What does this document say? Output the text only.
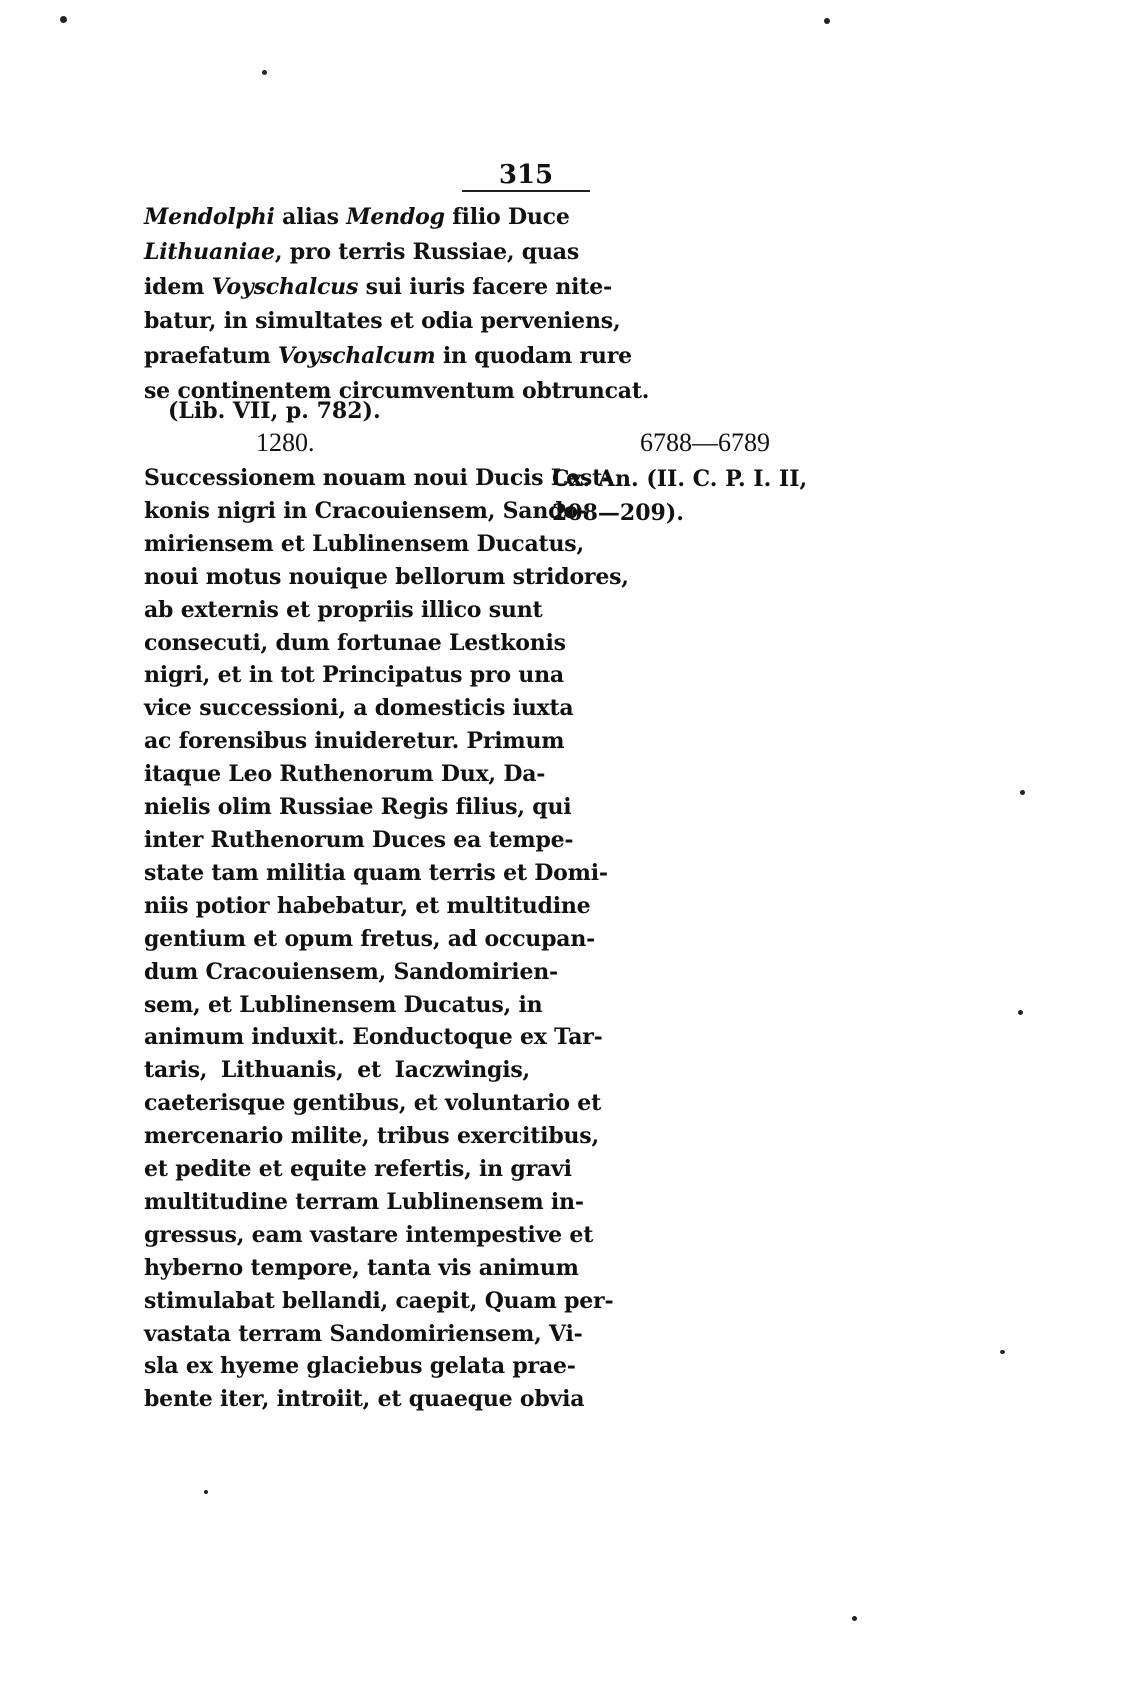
315
Mendolphi alias Mendog filio Duce
Lithuaniae, pro terris Russiae, quas
idem Voyschalcus sui iuris facere nite-
batur, in simultates et odia perveniens,
praefatum Voyschalcum in quodam rure
se continentem circumventum obtruncat.
(Lib. VII, p. 782).
1280.	6788—6789
Cx. An. (II. C. P. I. II,
208—209).
Successionem nouam noui Ducis Lest-
konis nigri in Cracouiensem, Sando-
miriensem et Lublinensem Ducatus,
noui motus nouique bellorum stridores,
ab externis et propriis illico sunt
consecuti, dum fortunae Lestkonis
nigri, et in tot Principatus pro una
vice successioni, a domesticis iuxta
ac forensibus inuideretur. Primum
itaque Leo Ruthenorum Dux, Da-
nielis olim Russiae Regis filius, qui
inter Ruthenorum Duces ea tempe-
state tam militia quam terris et Domi-
niis potior habebatur, et multitudine
gentium et opum fretus, ad occupan-
dum Cracouiensem, Sandomirien-
sem, et Lublinensem Ducatus, in
animum induxit. Eonductoque ex Tar-
taris, Lithuanis, et Iaczwingis,
caeterisque gentibus, et voluntario et
mercenario milite, tribus exercitibus,
et pedite et equite refertis, in gravi
multitudine terram Lublinensem in-
gressus, eam vastare intempestive et
hyberno tempore, tanta vis animum
stimulabat bellandi, caepit, Quam per-
vastata terram Sandomiriensem, Vi-
sla ex hyeme glaciebus gelata prae-
bente iter, introiit, et quaeque obvia
